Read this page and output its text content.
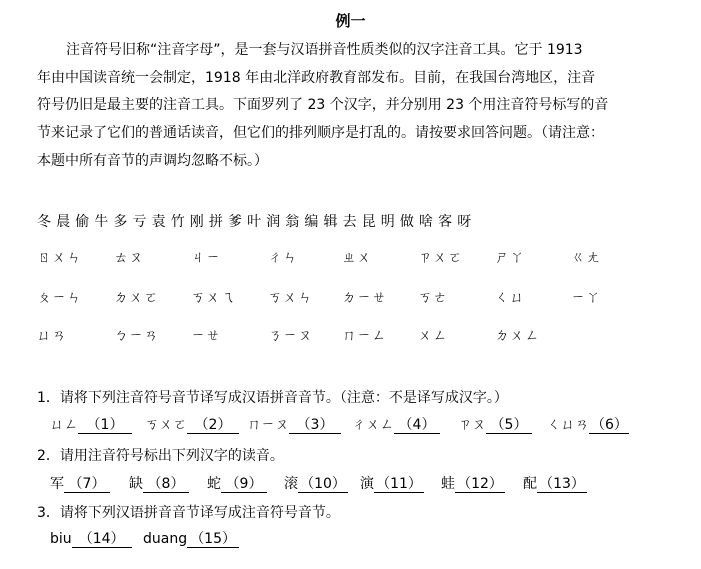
例一
注音符号旧称“注音字母”，是一套与汉语拼音性质类似的汉字注音工具。它于 1913
年由中国读音统一会制定，1918 年由北洋政府教育部发布。目前，在我国台湾地区，注音
符号仍旧是最主要的注音工具。下面罗列了 23 个汉字，并分别用 23 个用注音符号标写的音
节来记录了它们的普通话读音，但它们的排列顺序是打乱的。请按要求回答问题。（请注意：
本题中所有音节的声调均忽略不标。）
冬晨偷牛多亏袁竹刚拼爹叶润翁编辑去昆明做啥客呀
ㄖㄨㄣ ㄊㄡ	ㄐㄧ	ㄔㄣ	ㄓㄨ	ㄗㄨㄛ ㄕㄚ	ㄍㄤ
ㄆㄧㄣ ㄉㄨㄛ ㄎㄨㄟ ㄎㄨㄣ ㄉㄧㄝ ㄎㄜ	ㄑㄩ	ㄧㄚ
ㄩㄢ	ㄅㄧㄢ ㄧㄝ	ㄋㄧㄡ ㄇㄧㄥ ㄨㄥ	ㄉㄨㄥ
1．请将下列注音符号音节译写成汉语拼音音节。（注意：不是译写成汉字。）
ㄩㄥ （1）	ㄎㄨㄛ （2）	ㄇㄧㄡ （3）	ㄔㄨㄥ （4）	ㄗㄡ （5）	ㄑㄩㄢ （6）
2．请用注音符号标出下列汉字的读音。
军 （7）	缺 （8）	蛇 （9）	滚 （10） 演 （11） 蛙 （12） 配 （13）
3．请将下列汉语拼音音节译写成注音符号音节。
biu （14）	duang （15）
